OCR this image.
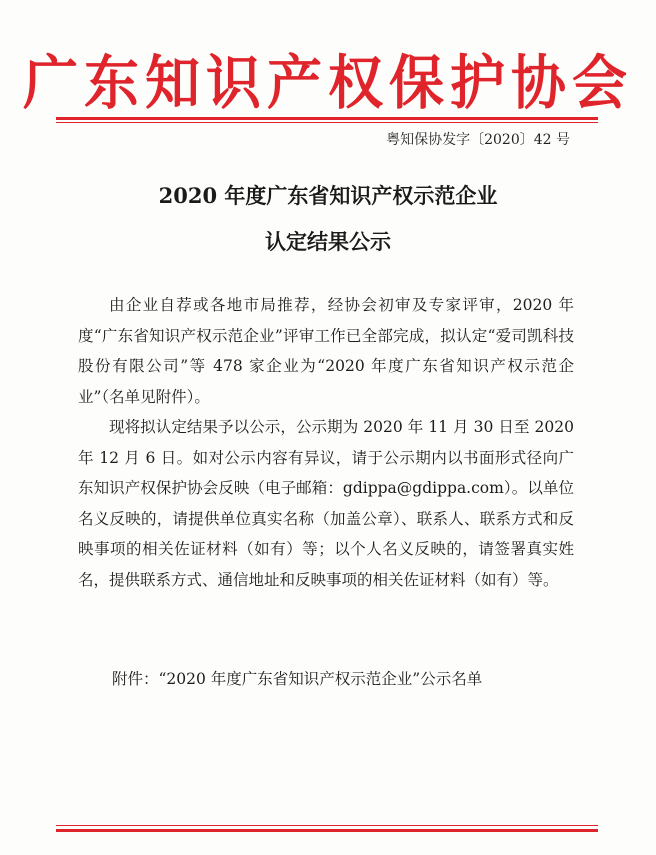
广东知识产权保护协会
粤知保协发字〔2020〕42 号
2020 年度广东省知识产权示范企业
认定结果公示

由企业自荐或各地市局推荐，经协会初审及专家评审，2020 年度“广东省知识产权示范企业”评审工作已全部完成，拟认定“爱司凯科技股份有限公司”等 478 家企业为“2020 年度广东省知识产权示范企业”（名单见附件）。

现将拟认定结果予以公示，公示期为 2020 年 11 月 30 日至 2020 年 12 月 6 日。如对公示内容有异议，请于公示期内以书面形式径向广东知识产权保护协会反映（电子邮箱：gdippa@gdippa.com）。以单位名义反映的，请提供单位真实名称（加盖公章）、联系人、联系方式和反映事项的相关佐证材料（如有）等；以个人名义反映的，请签署真实姓名，提供联系方式、通信地址和反映事项的相关佐证材料（如有）等。

附件：“2020 年度广东省知识产权示范企业”公示名单
